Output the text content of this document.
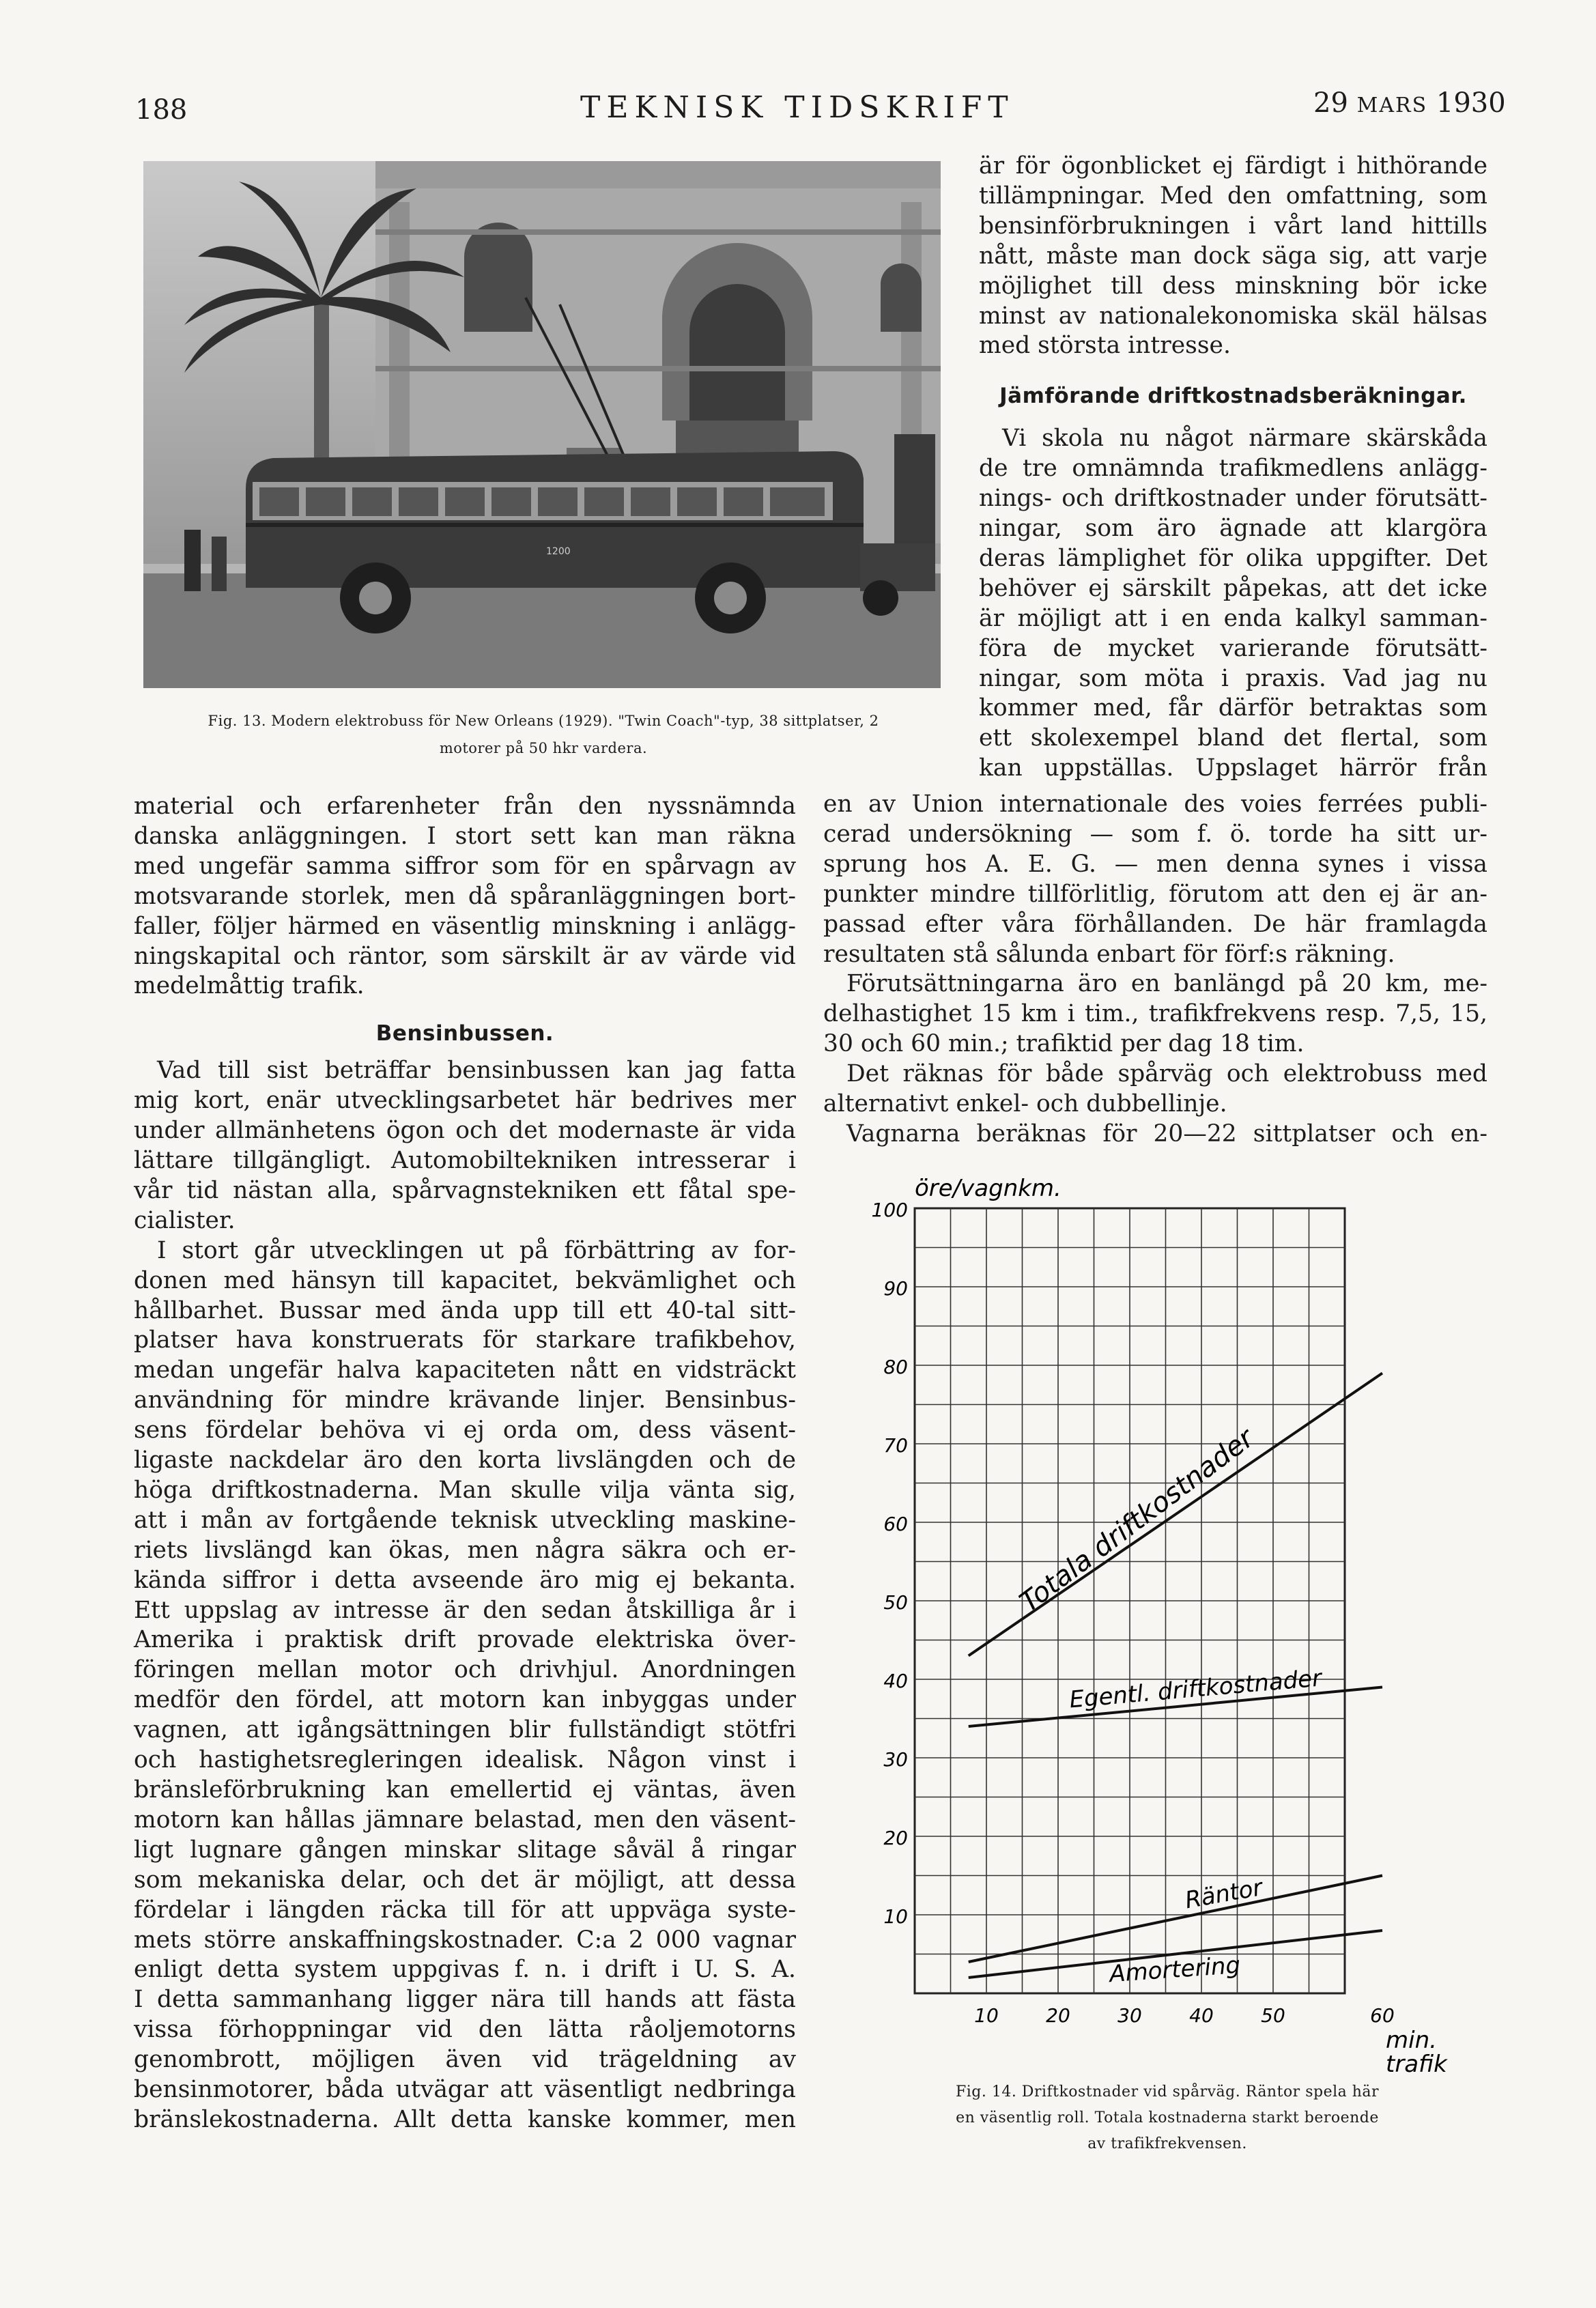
188	TEKNISK TIDSKRIFT	29 MARS 1930
1200
Fig. 13. Modern elektrobuss för New Orleans (1929). "Twin Coach"-typ, 38 sittplatser, 2
motorer på 50 hkr vardera.

är för ögonblicket ej färdigt i hithörande

tillämpningar. Med den omfattning, som

bensinförbrukningen i vårt land hittills

nått, måste man dock säga sig, att varje

möjlighet till dess minskning bör icke

minst av nationalekonomiska skäl hälsas

med största intresse.

Jämförande driftkostnadsberäkningar.

Vi skola nu något närmare skärskåda

de tre omnämnda trafikmedlens anlägg-

nings- och driftkostnader under förutsätt-

ningar, som äro ägnade att klargöra

deras lämplighet för olika uppgifter. Det

behöver ej särskilt påpekas, att det icke

är möjligt att i en enda kalkyl samman-

föra de mycket varierande förutsätt-

ningar, som möta i praxis. Vad jag nu

kommer med, får därför betraktas som

ett skolexempel bland det flertal, som

kan uppställas. Uppslaget härrör från

en av Union internationale des voies ferrées publi-

cerad undersökning — som f. ö. torde ha sitt ur-

sprung hos A. E. G. — men denna synes i vissa

punkter mindre tillförlitlig, förutom att den ej är an-

passad efter våra förhållanden. De här framlagda

resultaten stå sålunda enbart för förf:s räkning.

Förutsättningarna äro en banlängd på 20 km, me-

delhastighet 15 km i tim., trafikfrekvens resp. 7,5, 15,

30 och 60 min.; trafiktid per dag 18 tim.

Det räknas för både spårväg och elektrobuss med

alternativt enkel- och dubbellinje.

Vagnarna beräknas för 20—22 sittplatser och en-

material och erfarenheter från den nyssnämnda

danska anläggningen. I stort sett kan man räkna

med ungefär samma siffror som för en spårvagn av

motsvarande storlek, men då spåranläggningen bort-

faller, följer härmed en väsentlig minskning i anlägg-

ningskapital och räntor, som särskilt är av värde vid

medelmåttig trafik.

Bensinbussen.

Vad till sist beträffar bensinbussen kan jag fatta

mig kort, enär utvecklingsarbetet här bedrives mer

under allmänhetens ögon och det modernaste är vida

lättare tillgängligt. Automobiltekniken intresserar i

vår tid nästan alla, spårvagnstekniken ett fåtal spe-

cialister.

I stort går utvecklingen ut på förbättring av for-

donen med hänsyn till kapacitet, bekvämlighet och

hållbarhet. Bussar med ända upp till ett 40-tal sitt-

platser hava konstruerats för starkare trafikbehov,

medan ungefär halva kapaciteten nått en vidsträckt

användning för mindre krävande linjer. Bensinbus-

sens fördelar behöva vi ej orda om, dess väsent-

ligaste nackdelar äro den korta livslängden och de

höga driftkostnaderna. Man skulle vilja vänta sig,

att i mån av fortgående teknisk utveckling maskine-

riets livslängd kan ökas, men några säkra och er-

kända siffror i detta avseende äro mig ej bekanta.

Ett uppslag av intresse är den sedan åtskilliga år i

Amerika i praktisk drift provade elektriska över-

föringen mellan motor och drivhjul. Anordningen

medför den fördel, att motorn kan inbyggas under

vagnen, att igångsättningen blir fullständigt stötfri

och hastighetsregleringen idealisk. Någon vinst i

bränsleförbrukning kan emellertid ej väntas, även

motorn kan hållas jämnare belastad, men den väsent-

ligt lugnare gången minskar slitage såväl å ringar

som mekaniska delar, och det är möjligt, att dessa

fördelar i längden räcka till för att uppväga syste-

mets större anskaffningskostnader. C:a 2 000 vagnar

enligt detta system uppgivas f. n. i drift i U. S. A.

I detta sammanhang ligger nära till hands att fästa

vissa förhoppningar vid den lätta råoljemotorns

genombrott, möjligen även vid trägeldning av

bensinmotorer, båda utvägar att väsentligt nedbringa

bränslekostnaderna. Allt detta kanske kommer, men

10
20
30
40
50
60
70
80
90
100
10 20 30 40 50	60
Totala driftkostnader
Egentl. driftkostnader
Räntor
Amortering
öre/vagnkm.
min.
trafik
Fig. 14. Driftkostnader vid spårväg. Räntor spela här
en väsentlig roll. Totala kostnaderna starkt beroende
av trafikfrekvensen.
